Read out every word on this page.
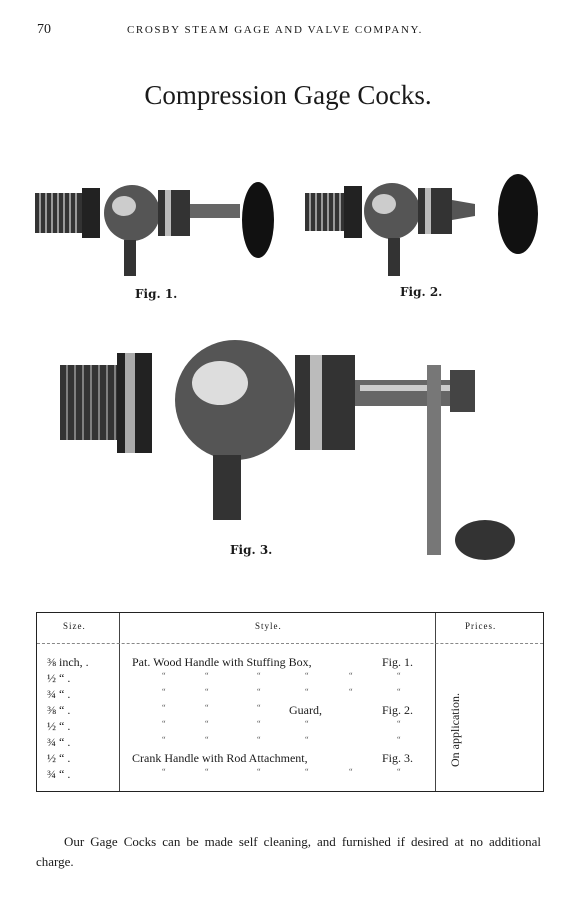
70	CROSBY STEAM GAGE AND VALVE COMPANY.
Compression Gage Cocks.
Fig. 1.	Fig. 2.
Fig. 3.
Size.	Style.	Prices.
⅜ inch, .	Pat. Wood Handle with Stuffing Box,	Fig. 1.
½ “ .	“	“	“	“	“	“
¾ “ .	“	“	“	“	“	“
⅜ “ .	“	“	“ Guard,	Fig. 2.
½ “ .	“	“	“	“	“
¾ “ .	“	“	“	“	“
½ “ .	Crank Handle with Rod Attachment,	Fig. 3.
¾ “ .	“	“	“	“	“	“
On application.
Our Gage Cocks can be made self cleaning, and furnished if desired at no additional charge.
